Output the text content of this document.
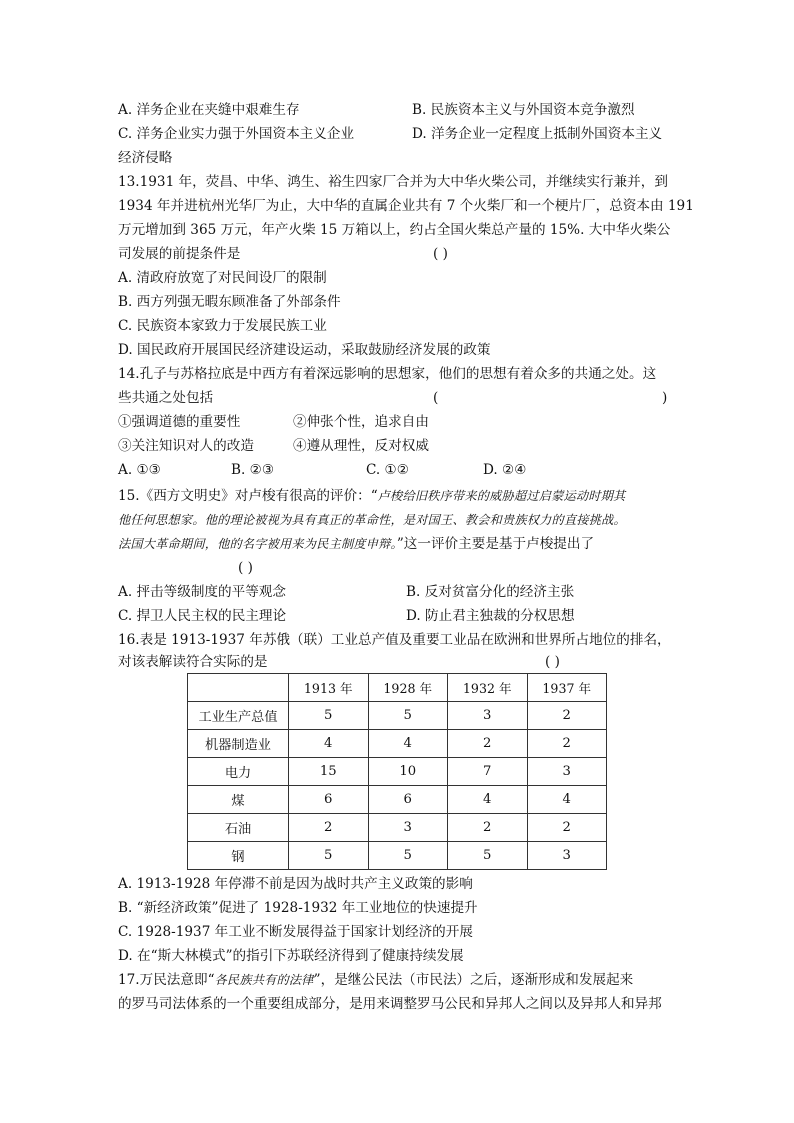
A. 洋务企业在夹缝中艰难生存	B. 民族资本主义与外国资本竞争激烈
C. 洋务企业实力强于外国资本主义企业	D. 洋务企业一定程度上抵制外国资本主义
经济侵略
13.1931 年，荧昌、中华、鸿生、裕生四家厂合并为大中华火柴公司，并继续实行兼并，到
1934 年并进杭州光华厂为止，大中华的直属企业共有 7 个火柴厂和一个梗片厂，总资本由 191
万元增加到 365 万元，年产火柴 15 万箱以上，约占全国火柴总产量的 15%. 大中华火柴公
司发展的前提条件是	( )
A. 清政府放宽了对民间设厂的限制
B. 西方列强无暇东顾准备了外部条件
C. 民族资本家致力于发展民族工业
D. 国民政府开展国民经济建设运动，采取鼓励经济发展的政策
14.孔子与苏格拉底是中西方有着深远影响的思想家，他们的思想有着众多的共通之处。这
些共通之处包括	(	)
①强调道德的重要性	②伸张个性，追求自由
③关注知识对人的改造	④遵从理性，反对权威
A. ①③	B. ②③	C. ①②	D. ②④
15.《西方文明史》对卢梭有很高的评价：“卢梭给旧秩序带来的威胁超过启蒙运动时期其
他任何思想家。他的理论被视为具有真正的革命性，是对国王、教会和贵族权力的直接挑战。
法国大革命期间，他的名字被用来为民主制度申辩。”这一评价主要是基于卢梭提出了
( )
A. 抨击等级制度的平等观念	B. 反对贫富分化的经济主张
C. 捍卫人民主权的民主理论	D. 防止君主独裁的分权思想
16.表是 1913-1937 年苏俄（联）工业总产值及重要工业品在欧洲和世界所占地位的排名，
对该表解读符合实际的是	( )
	1913 年	1928 年	1932 年	1937 年
工业生产总值	5	5	3	2
机器制造业	4	4	2	2
电力	15	10	7	3
煤	6	6	4	4
石油	2	3	2	2
钢	5	5	5	3
A. 1913-1928 年停滞不前是因为战时共产主义政策的影响
B. “新经济政策”促进了 1928-1932 年工业地位的快速提升
C. 1928-1937 年工业不断发展得益于国家计划经济的开展
D. 在“斯大林模式”的指引下苏联经济得到了健康持续发展
17.万民法意即“各民族共有的法律”，是继公民法（市民法）之后，逐渐形成和发展起来
的罗马司法体系的一个重要组成部分，是用来调整罗马公民和异邦人之间以及异邦人和异邦
